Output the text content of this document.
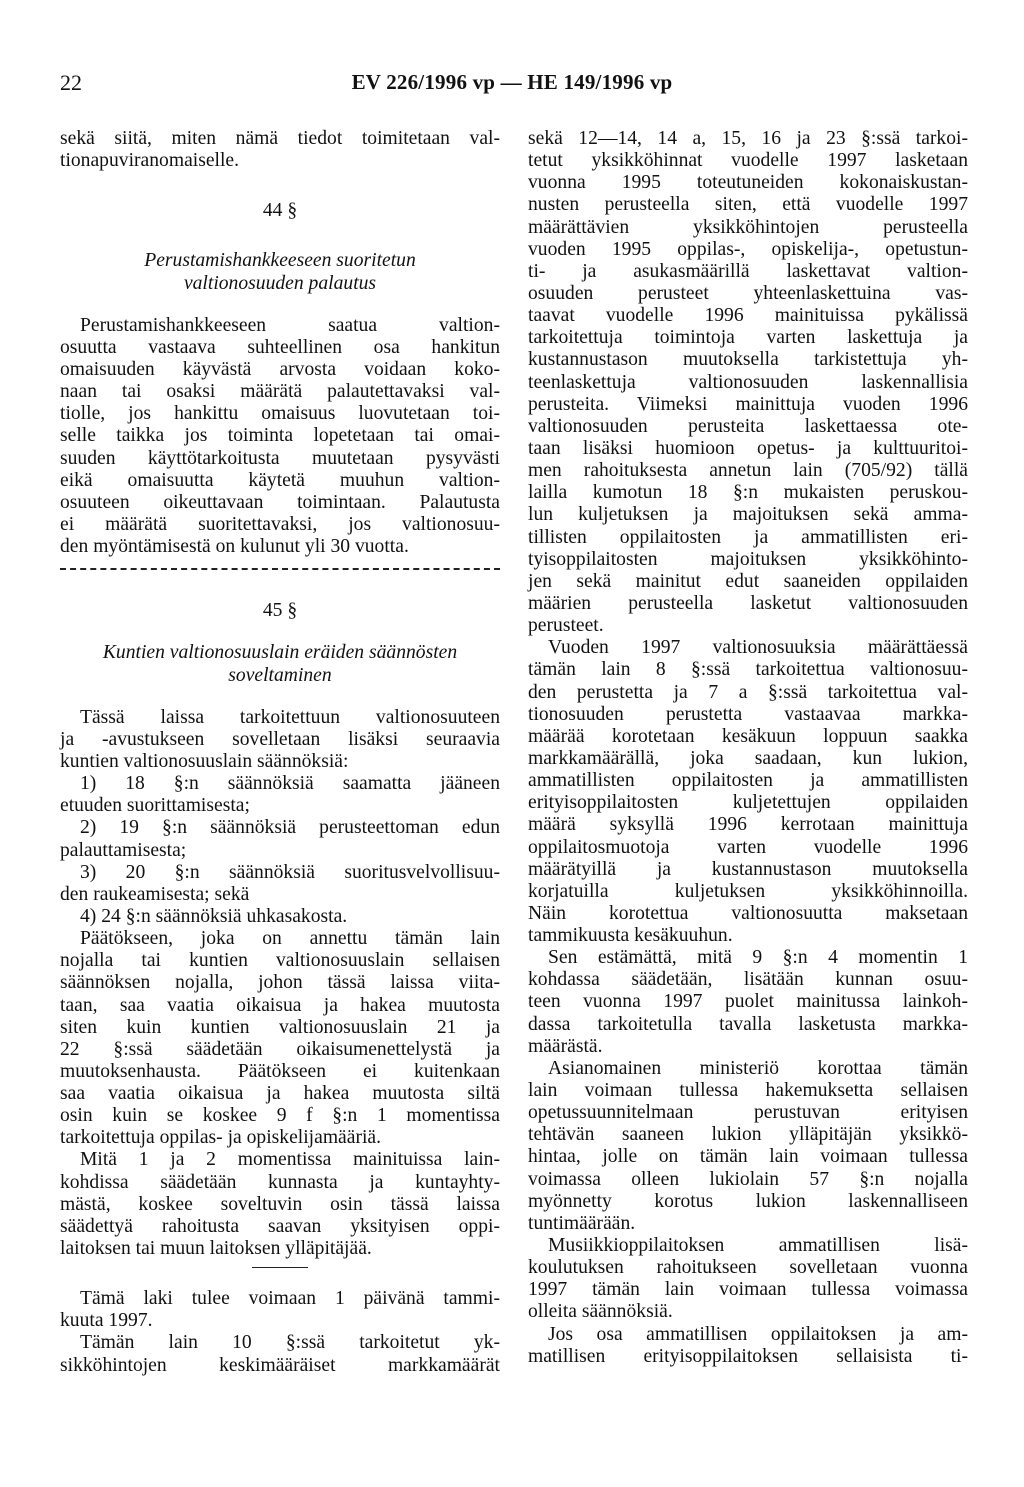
22	EV 226/1996 vp — HE 149/1996 vp
sekä siitä, miten nämä tiedot toimitetaan val-
tionapuviranomaiselle.
44 §
Perustamishankkeeseen suoritetun
valtionosuuden palautus
Perustamishankkeeseen saatua valtion-
osuutta vastaava suhteellinen osa hankitun
omaisuuden käyvästä arvosta voidaan koko-
naan tai osaksi määrätä palautettavaksi val-
tiolle, jos hankittu omaisuus luovutetaan toi-
selle taikka jos toiminta lopetetaan tai omai-
suuden käyttötarkoitusta muutetaan pysyvästi
eikä omaisuutta käytetä muuhun valtion-
osuuteen oikeuttavaan toimintaan. Palautusta
ei määrätä suoritettavaksi, jos valtionosuu-
den myöntämisestä on kulunut yli 30 vuotta.
45 §
Kuntien valtionosuuslain eräiden säännösten
soveltaminen
Tässä laissa tarkoitettuun valtionosuuteen
ja -avustukseen sovelletaan lisäksi seuraavia
kuntien valtionosuuslain säännöksiä:
1) 18 §:n säännöksiä saamatta jääneen
etuuden suorittamisesta;
2) 19 §:n säännöksiä perusteettoman edun
palauttamisesta;
3) 20 §:n säännöksiä suoritusvelvollisuu-
den raukeamisesta; sekä
4) 24 §:n säännöksiä uhkasakosta.
Päätökseen, joka on annettu tämän lain
nojalla tai kuntien valtionosuuslain sellaisen
säännöksen nojalla, johon tässä laissa viita-
taan, saa vaatia oikaisua ja hakea muutosta
siten kuin kuntien valtionosuuslain 21 ja
22 §:ssä säädetään oikaisumenettelystä ja
muutoksenhausta. Päätökseen ei kuitenkaan
saa vaatia oikaisua ja hakea muutosta siltä
osin kuin se koskee 9 f §:n 1 momentissa
tarkoitettuja oppilas- ja opiskelijamääriä.
Mitä 1 ja 2 momentissa mainituissa lain-
kohdissa säädetään kunnasta ja kuntayhty-
mästä, koskee soveltuvin osin tässä laissa
säädettyä rahoitusta saavan yksityisen oppi-
laitoksen tai muun laitoksen ylläpitäjää.
Tämä laki tulee voimaan 1 päivänä tammi-
kuuta 1997.
Tämän lain 10 §:ssä tarkoitetut yk-
sikköhintojen keskimääräiset markkamäärät
sekä 12—14, 14 a, 15, 16 ja 23 §:ssä tarkoi-
tetut yksikköhinnat vuodelle 1997 lasketaan
vuonna 1995 toteutuneiden kokonaiskustan-
nusten perusteella siten, että vuodelle 1997
määrättävien yksikköhintojen perusteella
vuoden 1995 oppilas-, opiskelija-, opetustun-
ti- ja asukasmäärillä laskettavat valtion-
osuuden perusteet yhteenlaskettuina vas-
taavat vuodelle 1996 mainituissa pykälissä
tarkoitettuja toimintoja varten laskettuja ja
kustannustason muutoksella tarkistettuja yh-
teenlaskettuja valtionosuuden laskennallisia
perusteita. Viimeksi mainittuja vuoden 1996
valtionosuuden perusteita laskettaessa ote-
taan lisäksi huomioon opetus- ja kulttuuritoi-
men rahoituksesta annetun lain (705/92) tällä
lailla kumotun 18 §:n mukaisten peruskou-
lun kuljetuksen ja majoituksen sekä amma-
tillisten oppilaitosten ja ammatillisten eri-
tyisoppilaitosten majoituksen yksikköhinto-
jen sekä mainitut edut saaneiden oppilaiden
määrien perusteella lasketut valtionosuuden
perusteet.
Vuoden 1997 valtionosuuksia määrättäessä
tämän lain 8 §:ssä tarkoitettua valtionosuu-
den perustetta ja 7 a §:ssä tarkoitettua val-
tionosuuden perustetta vastaavaa markka-
määrää korotetaan kesäkuun loppuun saakka
markkamäärällä, joka saadaan, kun lukion,
ammatillisten oppilaitosten ja ammatillisten
erityisoppilaitosten kuljetettujen oppilaiden
määrä syksyllä 1996 kerrotaan mainittuja
oppilaitosmuotoja varten vuodelle 1996
määrätyillä ja kustannustason muutoksella
korjatuilla kuljetuksen yksikköhinnoilla.
Näin korotettua valtionosuutta maksetaan
tammikuusta kesäkuuhun.
Sen estämättä, mitä 9 §:n 4 momentin 1
kohdassa säädetään, lisätään kunnan osuu-
teen vuonna 1997 puolet mainitussa lainkoh-
dassa tarkoitetulla tavalla lasketusta markka-
määrästä.
Asianomainen ministeriö korottaa tämän
lain voimaan tullessa hakemuksetta sellaisen
opetussuunnitelmaan perustuvan erityisen
tehtävän saaneen lukion ylläpitäjän yksikkö-
hintaa, jolle on tämän lain voimaan tullessa
voimassa olleen lukiolain 57 §:n nojalla
myönnetty korotus lukion laskennalliseen
tuntimäärään.
Musiikkioppilaitoksen ammatillisen lisä-
koulutuksen rahoitukseen sovelletaan vuonna
1997 tämän lain voimaan tullessa voimassa
olleita säännöksiä.
Jos osa ammatillisen oppilaitoksen ja am-
matillisen erityisoppilaitoksen sellaisista ti-
